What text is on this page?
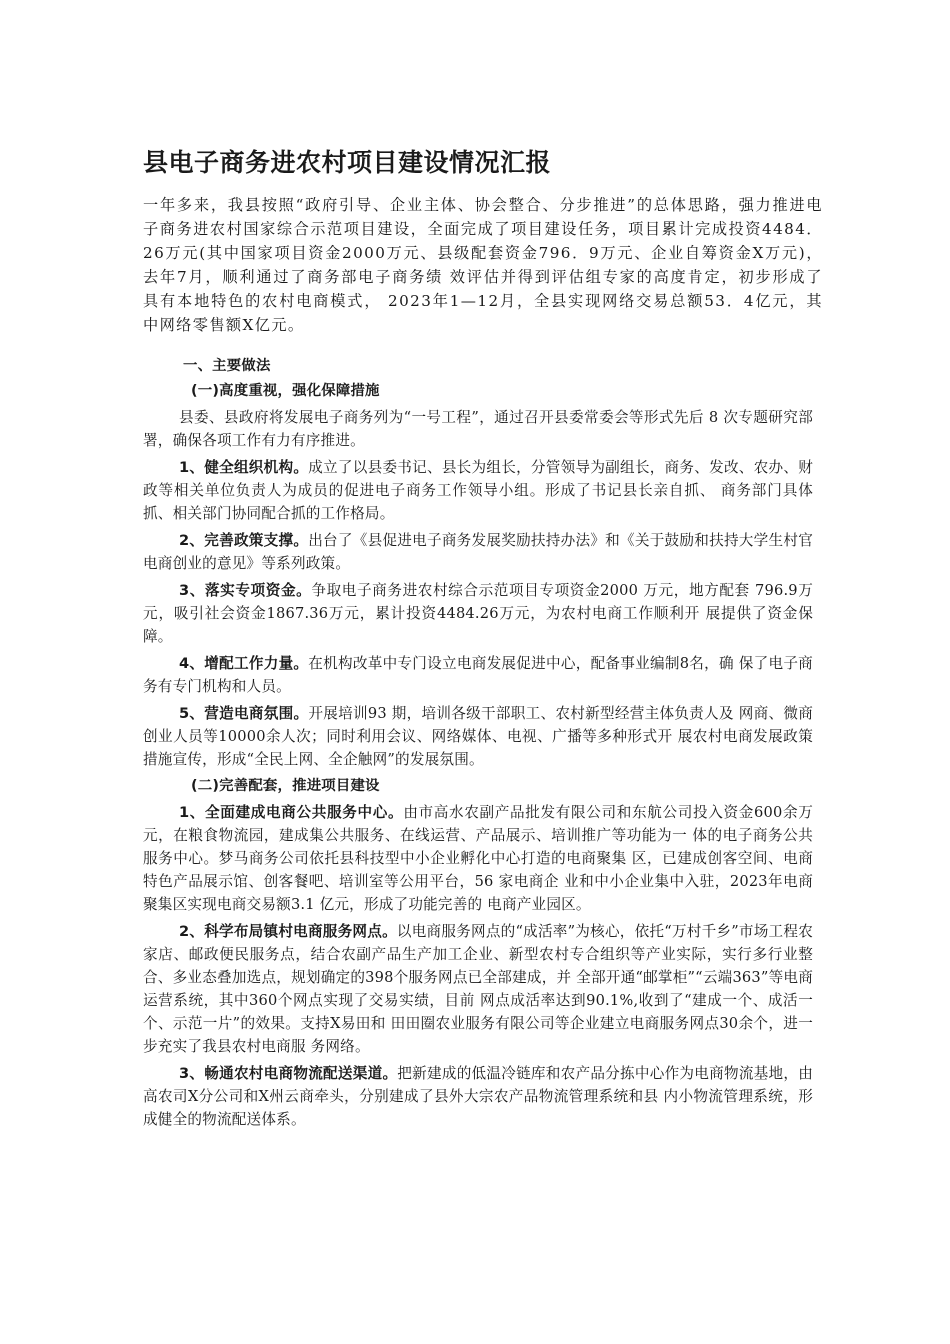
县电子商务进农村项目建设情况汇报

一年多来，我县按照“政府引导、企业主体、协会整合、分步推进”的总体思路，强力推进电子商务进农村国家综合示范项目建设，全面完成了项目建设任务，项目累计完成投资4484．26万元(其中国家项目资金2000万元、县级配套资金796．9万元、企业自筹资金X万元)，去年7月，顺利通过了商务部电子商务绩 效评估并得到评估组专家的高度肯定，初步形成了具有本地特色的农村电商模式， 2023年1—12月，全县实现网络交易总额53．4亿元，其中网络零售额X亿元。

一、主要做法

(一)高度重视，强化保障措施

县委、县政府将发展电子商务列为“一号工程”，通过召开县委常委会等形式先后 8 次专题研究部署，确保各项工作有力有序推进。

1、健全组织机构。成立了以县委书记、县长为组长，分管领导为副组长，商务、发改、农办、财政等相关单位负责人为成员的促进电子商务工作领导小组。形成了书记县长亲自抓、 商务部门具体抓、相关部门协同配合抓的工作格局。

2、完善政策支撑。出台了《县促进电子商务发展奖励扶持办法》和《关于鼓励和扶持大学生村官电商创业的意见》等系列政策。

3、落实专项资金。争取电子商务进农村综合示范项目专项资金2000 万元，地方配套 796.9万元，吸引社会资金1867.36万元，累计投资4484.26万元，为农村电商工作顺利开 展提供了资金保障。

4、增配工作力量。在机构改革中专门设立电商发展促进中心，配备事业编制8名，确 保了电子商务有专门机构和人员。

5、营造电商氛围。开展培训93 期，培训各级干部职工、农村新型经营主体负责人及 网商、微商创业人员等10000余人次；同时利用会议、网络媒体、电视、广播等多种形式开 展农村电商发展政策措施宣传，形成“全民上网、全企触网”的发展氛围。

(二)完善配套，推进项目建设

1、全面建成电商公共服务中心。由市高水农副产品批发有限公司和东航公司投入资金600余万元，在粮食物流园，建成集公共服务、在线运营、产品展示、培训推广等功能为一 体的电子商务公共服务中心。梦马商务公司依托县科技型中小企业孵化中心打造的电商聚集 区，已建成创客空间、电商特色产品展示馆、创客餐吧、培训室等公用平台，56 家电商企 业和中小企业集中入驻，2023年电商聚集区实现电商交易额3.1 亿元，形成了功能完善的 电商产业园区。

2、科学布局镇村电商服务网点。以电商服务网点的“成活率”为核心，依托“万村千乡”市场工程农家店、邮政便民服务点，结合农副产品生产加工企业、新型农村专合组织等产业实际，实行多行业整合、多业态叠加选点，规划确定的398个服务网点已全部建成，并 全部开通“邮掌柜”“云端363”等电商运营系统，其中360个网点实现了交易实绩，目前 网点成活率达到90.1%,收到了“建成一个、成活一个、示范一片”的效果。支持X易田和 田田圈农业服务有限公司等企业建立电商服务网点30余个，进一步充实了我县农村电商服 务网络。

3、畅通农村电商物流配送渠道。把新建成的低温冷链库和农产品分拣中心作为电商物流基地，由高农司X分公司和X州云商牵头，分别建成了县外大宗农产品物流管理系统和县 内小物流管理系统，形成健全的物流配送体系。
